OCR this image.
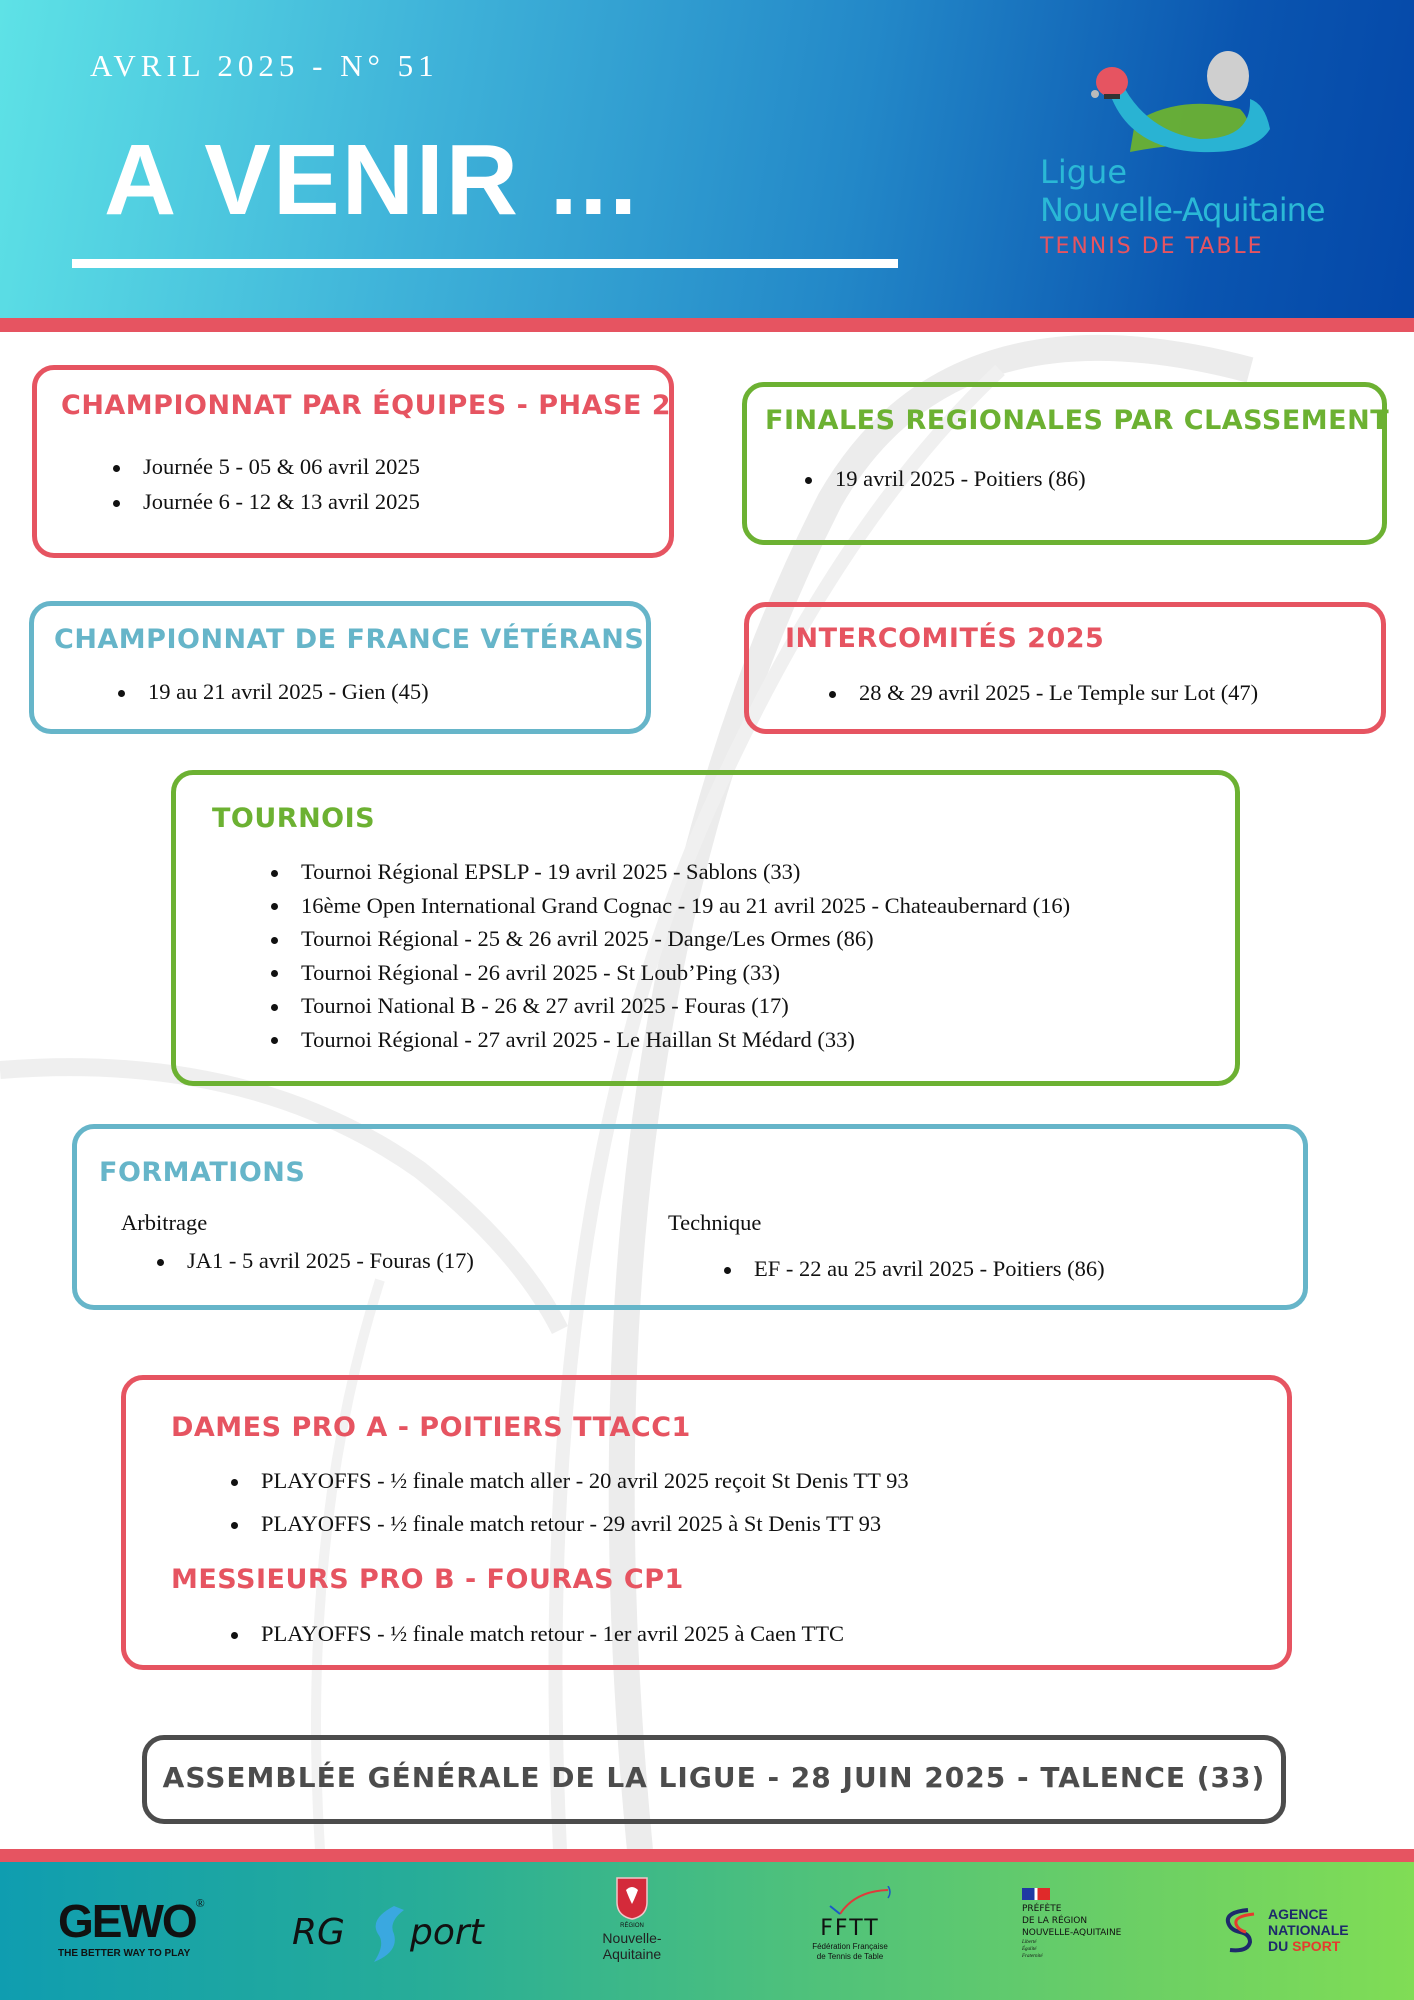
AVRIL 2025 - N° 51
A VENIR ...	Ligue
Nouvelle-Aquitaine
TENNIS DE TABLE
CHAMPIONNAT PAR ÉQUIPES - PHASE 2
Journée 5 - 05 & 06 avril 2025
Journée 6 - 12 & 13 avril 2025
FINALES REGIONALES PAR CLASSEMENT
19 avril 2025 - Poitiers (86)
CHAMPIONNAT DE FRANCE VÉTÉRANS
19 au 21 avril 2025 - Gien (45)
INTERCOMITÉS 2025
28 & 29 avril 2025 - Le Temple sur Lot (47)
TOURNOIS
Tournoi Régional EPSLP - 19 avril 2025 - Sablons (33)
16ème Open International Grand Cognac - 19 au 21 avril 2025 - Chateaubernard (16)
Tournoi Régional - 25 & 26 avril 2025 - Dange/Les Ormes (86)
Tournoi Régional - 26 avril 2025 - St Loub’Ping (33)
Tournoi National B - 26 & 27 avril 2025 - Fouras (17)
Tournoi Régional - 27 avril 2025 - Le Haillan St Médard (33)
FORMATIONS
Arbitrage
JA1 - 5 avril 2025 - Fouras (17)
Technique
EF - 22 au 25 avril 2025 - Poitiers (86)
DAMES PRO A - POITIERS TTACC1
PLAYOFFS - ½ finale match aller - 20 avril 2025 reçoit St Denis TT 93
PLAYOFFS - ½ finale match retour - 29 avril 2025 à St Denis TT 93
MESSIEURS PRO B - FOURAS CP1
PLAYOFFS - ½ finale match retour - 1er avril 2025 à Caen TTC
ASSEMBLÉE GÉNÉRALE DE LA LIGUE - 28 JUIN 2025 - TALENCE (33)
GEWO®
THE BETTER WAY TO PLAY
RG port	RÉGION
Nouvelle-
Aquitaine
FFTT
Fédération Française
de Tennis de Table
PRÉFÈTE
DE LA RÉGION
NOUVELLE-AQUITAINE
Liberté
Égalité
Fraternité
AGENCE
NATIONALE
DU SPORT
